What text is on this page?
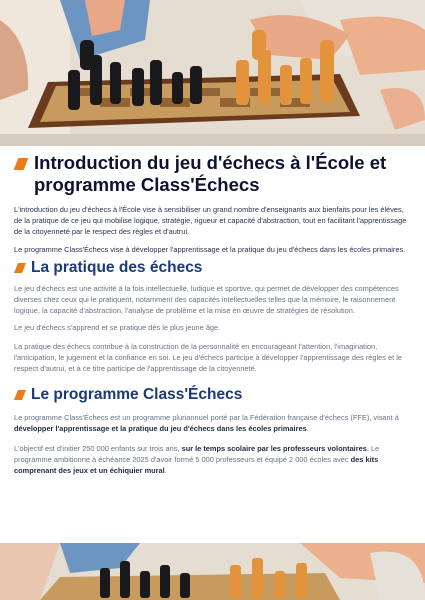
Introduction du jeu d'échecs à l'École et programme Class'Échecs

L'introduction du jeu d'échecs à l'École vise à sensibiliser un grand nombre d'enseignants aux bienfaits pour les élèves, de la pratique de ce jeu qui mobilise logique, stratégie, rigueur et capacité d'abstraction, tout en facilitant l'apprentissage de la citoyenneté par le respect des règles et d'autrui.

Le programme Class'Échecs vise à développer l'apprentissage et la pratique du jeu d'échecs dans les écoles primaires.

La pratique des échecs

Le jeu d'échecs est une activité à la fois intellectuelle, ludique et sportive, qui permet de développer des compétences diverses chez ceux qui le pratiquent, notamment des capacités intellectuelles telles que la mémoire, le raisonnement logique, la capacité d'abstraction, l'analyse de problème et la mise en œuvre de stratégies de résolution.

Le jeu d'échecs s'apprend et se pratique dès le plus jeune âge.

La pratique des échecs contribue à la construction de la personnalité en encourageant l'attention, l'imagination, l'anticipation, le jugement et la confiance en soi. Le jeu d'échecs participe à développer l'apprentissage des règles et le respect d'autrui, et à ce titre participe de l'apprentissage de la citoyenneté.

Le programme Class'Échecs

Le programme Class'Échecs est un programme pluriannuel porté par la Fédération française d'échecs (FFE), visant à développer l'apprentissage et la pratique du jeu d'échecs dans les écoles primaires.

L'objectif est d'initier 250 000 enfants sur trois ans, sur le temps scolaire par les professeurs volontaires. Le programme ambitionne à échéance 2025 d'avoir formé 5 000 professeurs et équipé 2 000 écoles avec des kits comprenant des jeux et un échiquier mural.
